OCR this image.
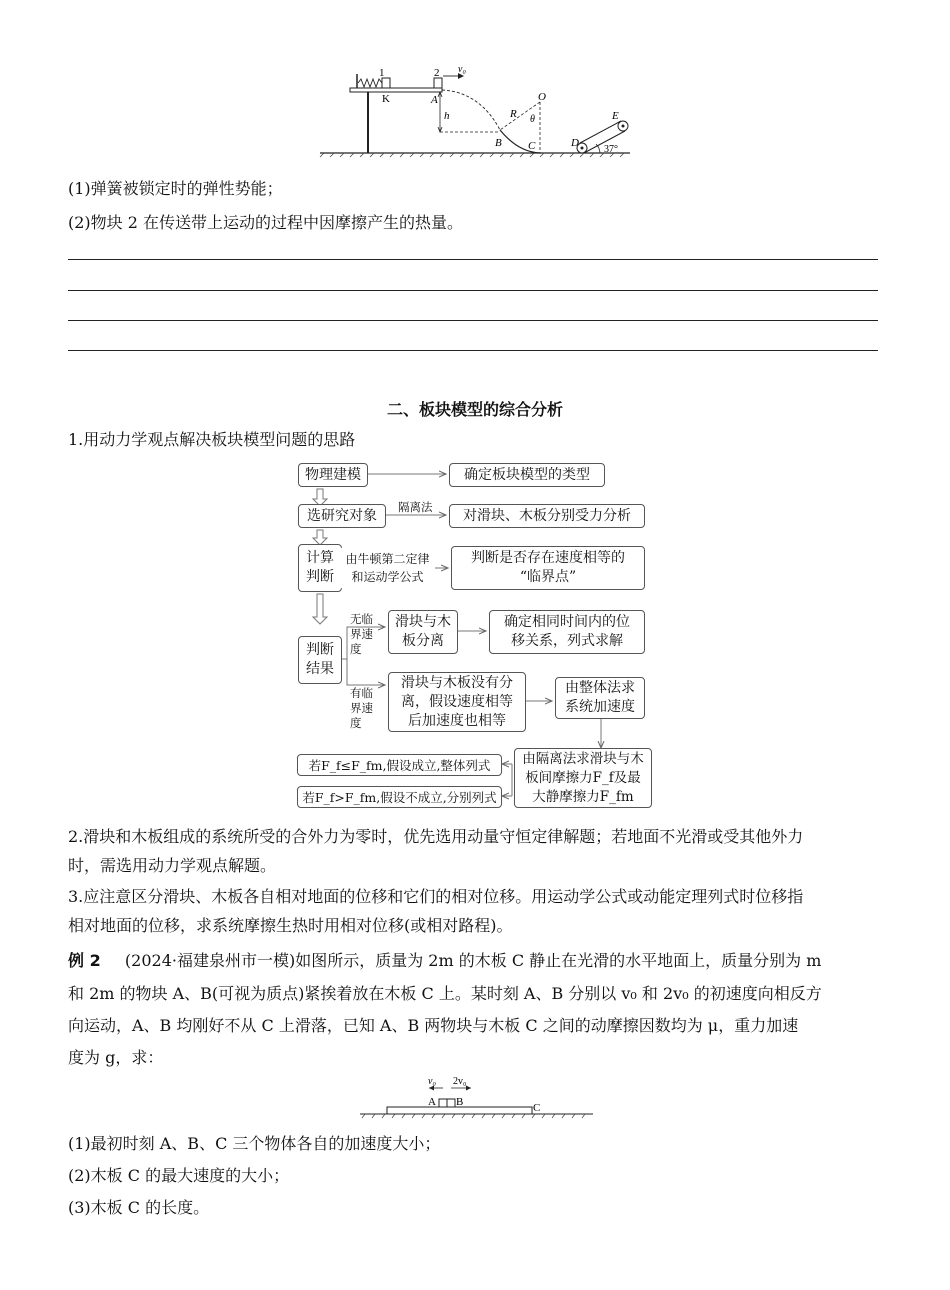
K
1	2 v₀
A
h
O
R θ
B C	D
E
37°
(1)弹簧被锁定时的弹性势能；
(2)物块 2 在传送带上运动的过程中因摩擦产生的热量。
二、板块模型的综合分析
1.用动力学观点解决板块模型问题的思路
物理建模	确定板块模型的类型
选研究对象
隔离法
对滑块、木板分别受力分析
计算
判断
由牛顿第二定律
和运动学公式
判断是否存在速度相等的
“临界点”
判断
结果
无临
界速
度
滑块与木
板分离
确定相同时间内的位
移关系，列式求解
有临
界速
度
滑块与木板没有分
离，假设速度相等
后加速度也相等
由整体法求
系统加速度
由隔离法求滑块与木
板间摩擦力F_f及最
大静摩擦力F_fm
若F_f≤F_fm,假设成立,整体列式
若F_f>F_fm,假设不成立,分别列式
2.滑块和木板组成的系统所受的合外力为零时，优先选用动量守恒定律解题；若地面不光滑或受其他外力
时，需选用动力学观点解题。
3.应注意区分滑块、木板各自相对地面的位移和它们的相对位移。用运动学公式或动能定理列式时位移指
相对地面的位移，求系统摩擦生热时用相对位移(或相对路程)。
例 2 (2024·福建泉州市一模)如图所示，质量为 2m 的木板 C 静止在光滑的水平地面上，质量分别为 m
和 2m 的物块 A、B(可视为质点)紧挨着放在木板 C 上。某时刻 A、B 分别以 v₀ 和 2v₀ 的初速度向相反方
向运动，A、B 均刚好不从 C 上滑落，已知 A、B 两物块与木板 C 之间的动摩擦因数均为 μ，重力加速
度为 g，求：
v₀ 2v₀
A B	C
(1)最初时刻 A、B、C 三个物体各自的加速度大小；
(2)木板 C 的最大速度的大小；
(3)木板 C 的长度。
